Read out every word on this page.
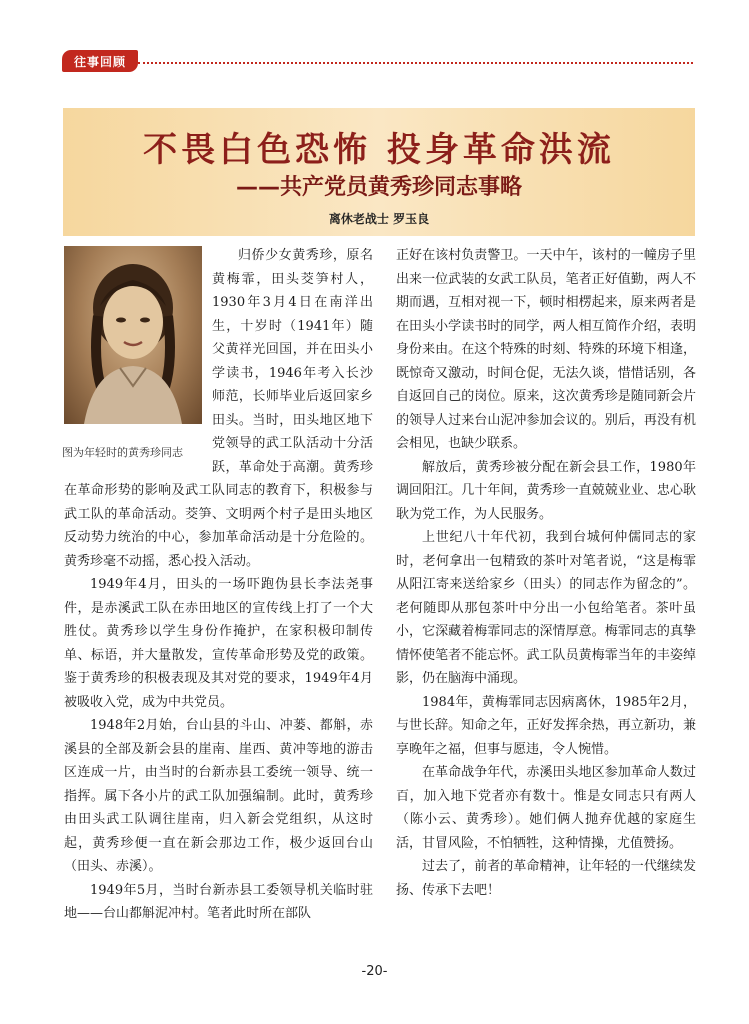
往事回顾
不畏白色恐怖 投身革命洪流
——共产党员黄秀珍同志事略
离休老战士 罗玉良
图为年轻时的黄秀珍同志

归侨少女黄秀珍，原名黄梅霏，田头茭笋村人，1930年3月4日在南洋出生，十岁时（1941年）随父黄祥光回国，并在田头小学读书，1946年考入长沙师范，长师毕业后返回家乡田头。当时，田头地区地下党领导的武工队活动十分活跃，革命处于高潮。黄秀珍在革命形势的影响及武工队同志的教育下，积极参与武工队的革命活动。茭笋、文明两个村子是田头地区反动势力统治的中心，参加革命活动是十分危险的。黄秀珍毫不动摇，悉心投入活动。

1949年4月，田头的一场吓跑伪县长李法尧事件，是赤溪武工队在赤田地区的宣传线上打了一个大胜仗。黄秀珍以学生身份作掩护，在家积极印制传单、标语，并大量散发，宣传革命形势及党的政策。鉴于黄秀珍的积极表现及其对党的要求，1949年4月被吸收入党，成为中共党员。

1948年2月始，台山县的斗山、冲蒌、都斛，赤溪县的全部及新会县的崖南、崖西、黄冲等地的游击区连成一片，由当时的台新赤县工委统一领导、统一指挥。属下各小片的武工队加强编制。此时，黄秀珍由田头武工队调往崖南，归入新会党组织，从这时起，黄秀珍便一直在新会那边工作，极少返回台山（田头、赤溪）。

1949年5月，当时台新赤县工委领导机关临时驻地——台山都斛泥冲村。笔者此时所在部队

正好在该村负责警卫。一天中午，该村的一幢房子里出来一位武装的女武工队员，笔者正好值勤，两人不期而遇，互相对视一下，顿时相楞起来，原来两者是在田头小学读书时的同学，两人相互简作介绍，表明身份来由。在这个特殊的时刻、特殊的环境下相逢，既惊奇又激动，时间仓促，无法久谈，惜惜话别，各自返回自己的岗位。原来，这次黄秀珍是随同新会片的领导人过来台山泥冲参加会议的。别后，再没有机会相见，也缺少联系。

解放后，黄秀珍被分配在新会县工作，1980年调回阳江。几十年间，黄秀珍一直兢兢业业、忠心耿耿为党工作，为人民服务。

上世纪八十年代初，我到台城何仲儒同志的家时，老何拿出一包精致的茶叶对笔者说，“这是梅霏从阳江寄来送给家乡（田头）的同志作为留念的”。老何随即从那包茶叶中分出一小包给笔者。茶叶虽小，它深藏着梅霏同志的深情厚意。梅霏同志的真挚情怀使笔者不能忘怀。武工队员黄梅霏当年的丰姿绰影，仍在脑海中涌现。

1984年，黄梅霏同志因病离休，1985年2月，与世长辞。知命之年，正好发挥余热，再立新功，兼享晚年之福，但事与愿违，令人惋惜。

在革命战争年代，赤溪田头地区参加革命人数过百，加入地下党者亦有数十。惟是女同志只有两人（陈小云、黄秀珍）。她们俩人抛弃优越的家庭生活，甘冒风险，不怕牺牲，这种情操，尤值赞扬。

过去了，前者的革命精神，让年轻的一代继续发扬、传承下去吧！

-20-
